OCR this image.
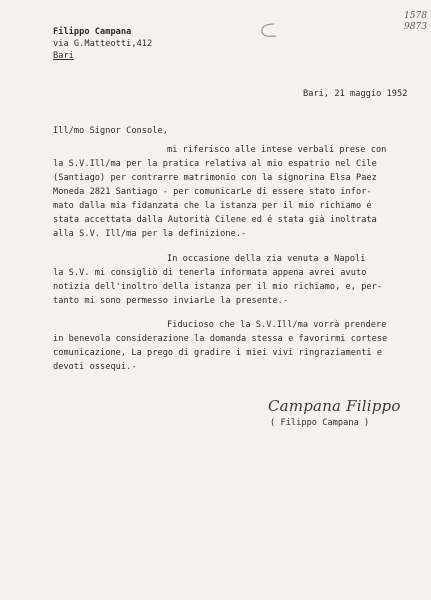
1578
9873
Filippo Campana
via G.Matteotti,412
Bari
Bari, 21 maggio 1952
Ill/mo Signor Console,
mi riferisco alle intese verbali prese con
la S.V.Ill/ma per la pratica relativa al mio espatrio nel Cile
(Santiago) per contrarre matrimonio con la signorina Elsa Paez
Moneda 2821 Santiago - per comunicarLe di essere stato infor-
mato dalla mia fidanzata che la istanza per il mio richiamo é
stata accettata dalla Autorità Cilene ed é stata già inoltrata
alla S.V. Ill/ma per la definizione.-
In occasione della zia venuta a Napoli
la S.V. mi consigliò di tenerla informata appena avrei avuto
notizia dell'inoltro della istanza per il mio richiamo, e, per-
tanto mi sono permesso inviarLe la presente.-
Fiducioso che la S.V.Ill/ma vorrà prendere
in benevola considerazione la domanda stessa e favorirmi cortese
comunicazione, La prego di gradire i miei vivi ringraziamenti e
devoti ossequi.-
Campana Filippo
( Filippo Campana )
